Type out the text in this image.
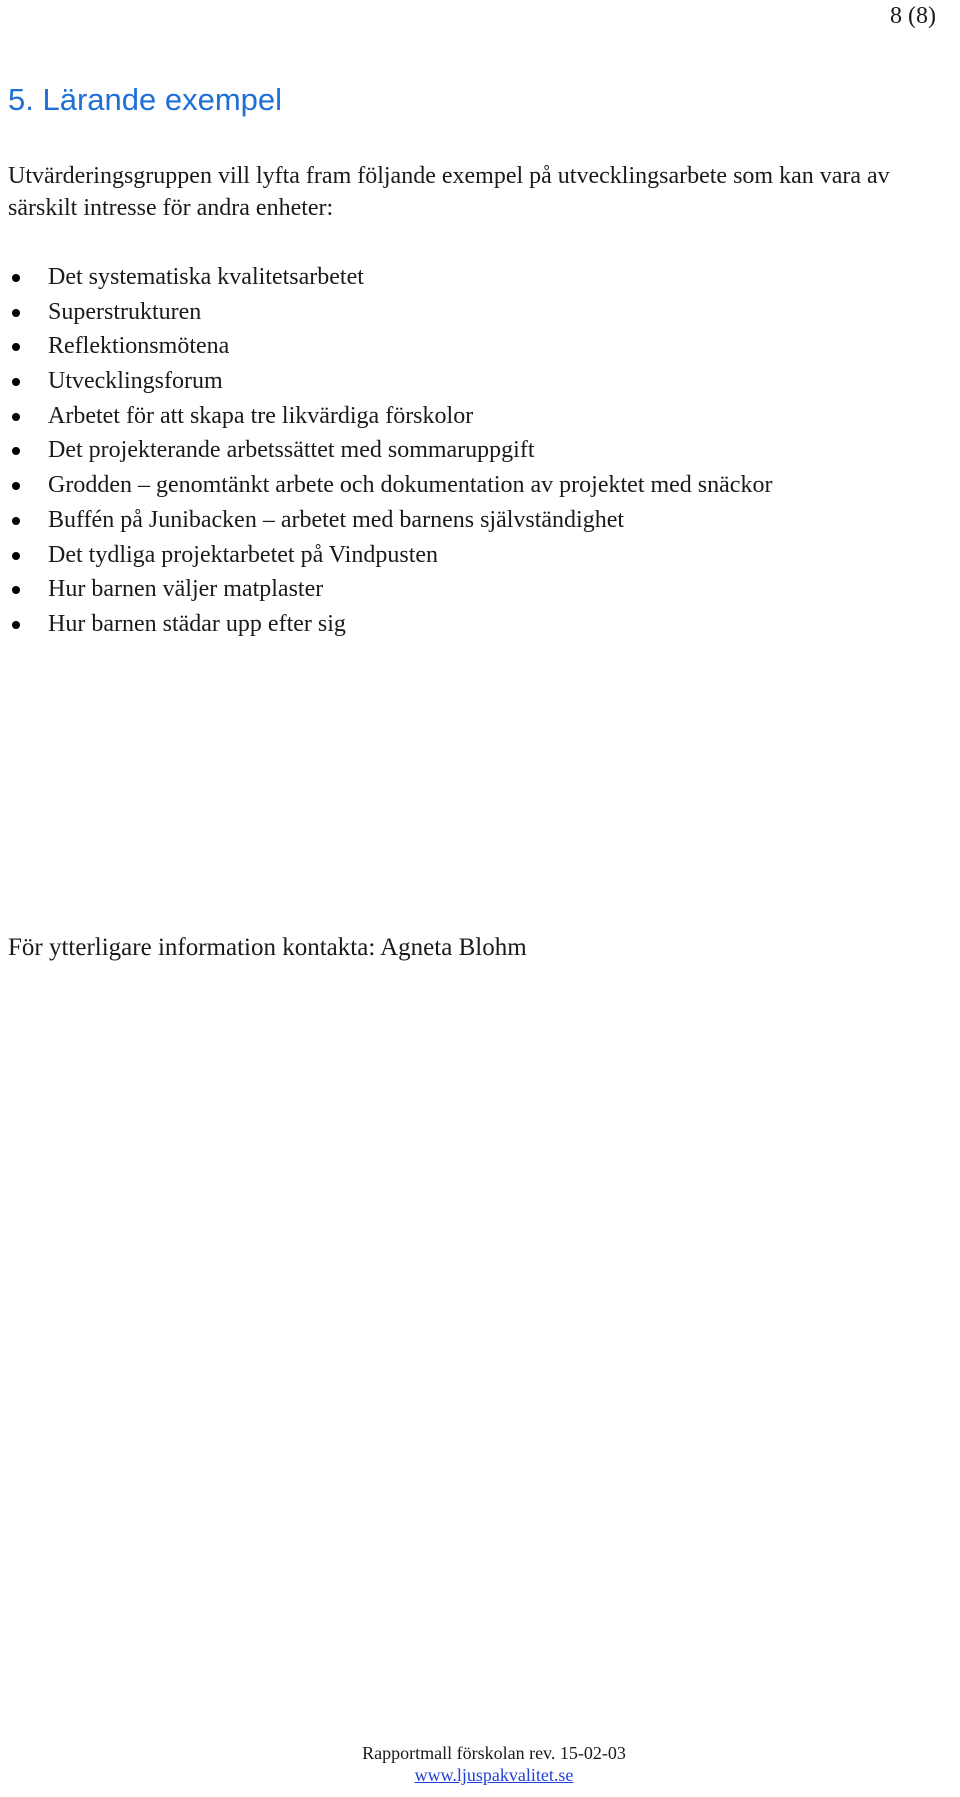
8 (8)
5. Lärande exempel

Utvärderingsgruppen vill lyfta fram följande exempel på utvecklingsarbete som kan vara av särskilt intresse för andra enheter:

Det systematiska kvalitetsarbetet
Superstrukturen
Reflektionsmötena
Utvecklingsforum
Arbetet för att skapa tre likvärdiga förskolor
Det projekterande arbetssättet med sommaruppgift
Grodden – genomtänkt arbete och dokumentation av projektet med snäckor
Buffén på Junibacken – arbetet med barnens självständighet
Det tydliga projektarbetet på Vindpusten
Hur barnen väljer matplaster
Hur barnen städar upp efter sig

För ytterligare information kontakta: Agneta Blohm

Rapportmall förskolan rev. 15-02-03
www.ljuspakvalitet.se
